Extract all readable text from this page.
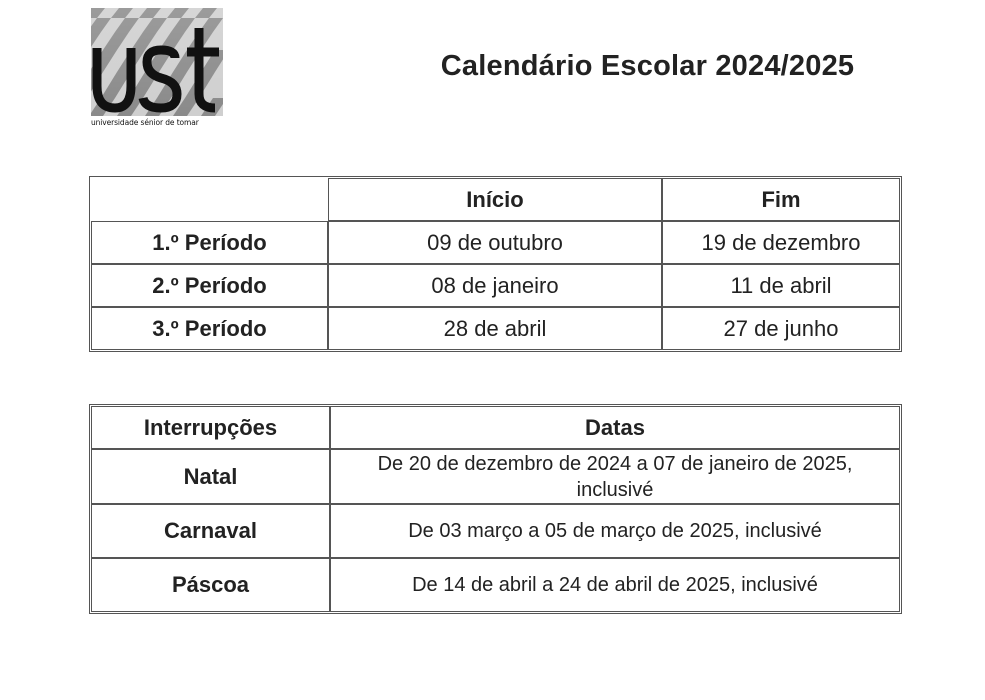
universidade sénior de tomar
Calendário Escolar 2024/2025
	Início	Fim
1.º Período	09 de outubro	19 de dezembro
2.º Período	08 de janeiro	11 de abril
3.º Período	28 de abril	27 de junho
Interrupções	Datas
Natal	De 20 de dezembro de 2024 a 07 de janeiro de 2025, inclusivé
Carnaval	De 03 março a 05 de março de 2025, inclusivé
Páscoa	De 14 de abril a 24 de abril de 2025, inclusivé
